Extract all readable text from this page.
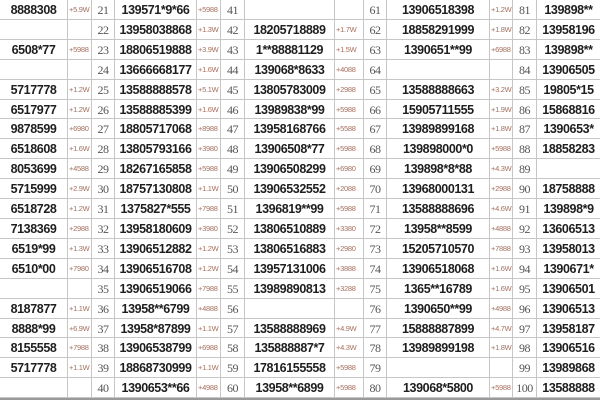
8888308
6508*77
5717778
6517977
9878599
6518608
8053699
5715999
6518728
7138369
6519*99
6510*00
8187877
8888*99
8155558
5717778
+5.9W
+5988
+1.2W
+1.2W
+6980
+1.6W
+4588
+2.9W
+1.2W
+2988
+1.3W
+7980
+1.1W
+6.9W
+7988
+1.1W
21
22
23
24
25
26
27
28
29
30
31
32
33
34
35
36
37
38
39
40
139571*9*66
13958038868
18806519888
13666668177
13588888578
13588885399
18805717068
13805793166
18267165858
18757130808
1375827*555
13958180609
13906512882
13906516708
13906519066
13958**6799
13958*87899
13906538799
18868730999
1390653**66
+5988
+1.3W
+3.9W
+1.6W
+5.1W
+1.6W
+8988
+3980
+5988
+1.1W
+7988
+3980
+1.2W
+1.2W
+7988
+4888
+1.1W
+6988
+1.1W
+4988
41
42
43
44
45
46
47
48
49
50
51
52
53
54
55
56
57
58
59
60
18205718889
1**88881129
139068*8633
13805783009
13989838*99
13958168766
13906508*77
13906508299
13906532552
1396819**99
13806510889
13806516883
13957131006
13989890813
13588888969
135888887*7
17816155558
13958**6899
+1.7W
+1.5W
+4088
+2988
+5988
+5588
+5988
+6980
+2088
+5988
+3380
+2980
+3888
+3288
+4.9W
+4.3W
+5988
+5988
61
62
63
64
65
66
67
68
69
70
71
72
73
74
75
76
77
78
79
80
13906518398
18858291999
1390651**99
13588888663
15905711555
13989899168
139898000*0
139898*8*88
13968000131
13588888696
13958**8599
15205710570
13906518068
1365**16789
1390650**99
15888887899
13989899198
139068*5800
+1.2W
+1.8W
+6988
+3.2W
+1.9W
+1.8W
+5988
+4.3W
+2988
+4.6W
+4888
+7888
+1.6W
+1.6W
+4988
+4.7W
+1.8W
+5988
81
82
83
84
85
86
87
88
89
90
91
92
93
94
95
96
97
98
99
100
139898**
13958196
139898**
13906505
19805*15
15868816
1390653*
18858283
18758888
139898*9
13606513
13958013
1390671*
13906501
13906513
13958187
13906516
13989868
13588888
